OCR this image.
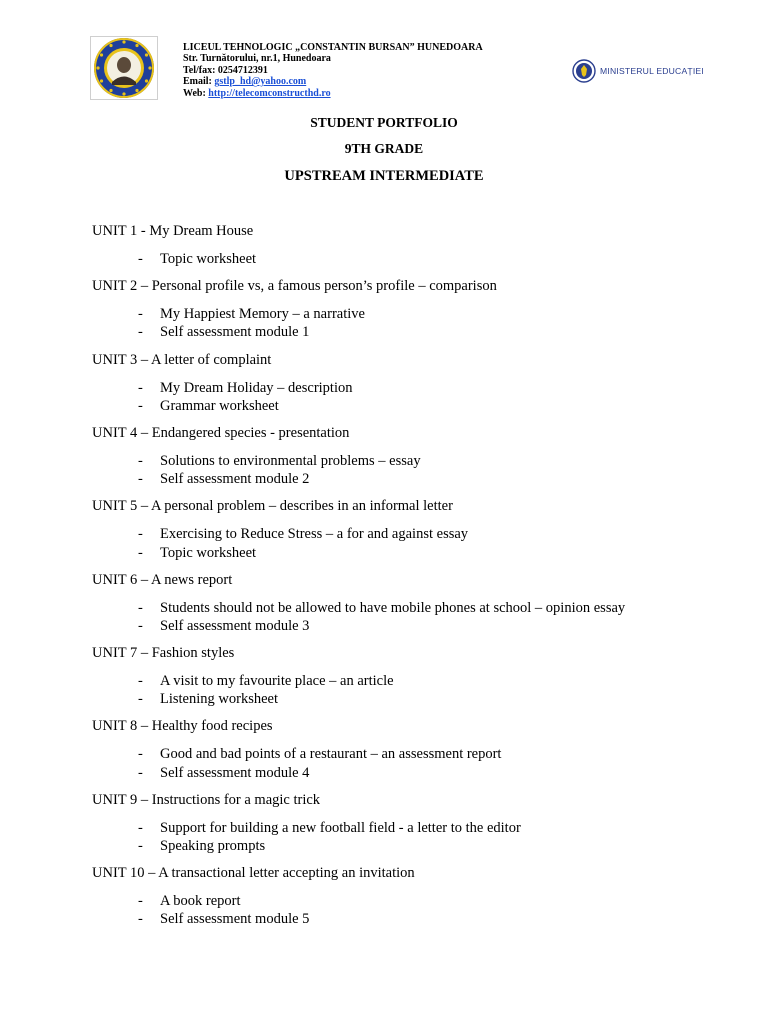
LICEUL TEHNOLOGIC „CONSTANTIN BURSAN” HUNEDOARA
Str. Turnătorului, nr.1, Hunedoara
Tel/fax: 0254712391
Email: gstlp_hd@yahoo.com
Web: http://telecomconstructhd.ro
MINISTERUL EDUCAȚIEI
STUDENT PORTFOLIO
9TH GRADE
UPSTREAM INTERMEDIATE
UNIT 1 - My Dream House
- Topic worksheet
UNIT 2 – Personal profile vs, a famous person’s profile – comparison
- My Happiest Memory – a narrative
- Self assessment module 1
UNIT 3 – A letter of complaint
- My Dream Holiday – description
- Grammar worksheet
UNIT 4 – Endangered species - presentation
- Solutions to environmental problems – essay
- Self assessment module 2
UNIT 5 – A personal problem – describes in an informal letter
- Exercising to Reduce Stress – a for and against essay
- Topic worksheet
UNIT 6 – A news report
- Students should not be allowed to have mobile phones at school – opinion essay
- Self assessment module 3
UNIT 7 – Fashion styles
- A visit to my favourite place – an article
- Listening worksheet
UNIT 8 – Healthy food recipes
- Good and bad points of a restaurant – an assessment report
- Self assessment module 4
UNIT 9 – Instructions for a magic trick
- Support for building a new football field - a letter to the editor
- Speaking prompts
UNIT 10 – A transactional letter accepting an invitation
- A book report
- Self assessment module 5
